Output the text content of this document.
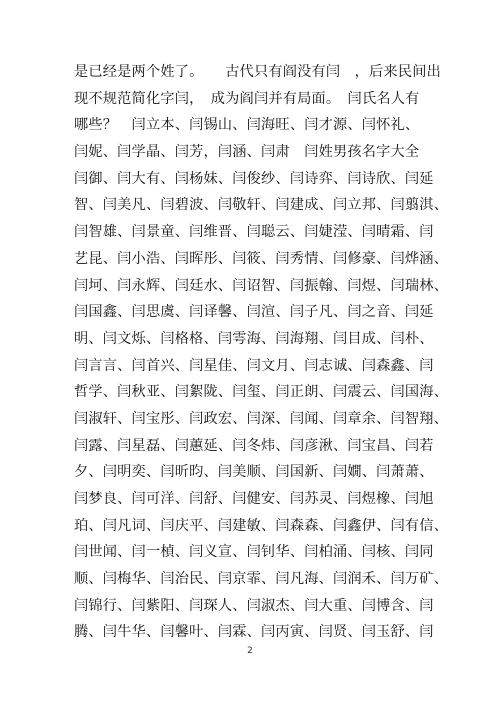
是已经是两个姓了。　　古代只有阎没有闫　，后来民间出
现不规范简化字闫，　成为阎闫并有局面。　闫氏名人有
哪些？　闫立本、闫锡山、闫海旺、闫才源、闫怀礼、
闫妮、闫学晶、闫芳，闫涵、闫肃　闫姓男孩名字大全
闫御、闫大有、闫杨妹、闫俊纱、闫诗弈、闫诗欣、闫延
智、闫美凡、闫碧波、闫敬轩、闫建成、闫立邦、闫翦淇、
闫智雄、闫景童、闫维晋、闫聪云、闫婕滢、闫晴霜、闫
艺昆、闫小浩、闫晖彤、闫筱、闫秀情、闫修豪、闫烨涵、
闫坷、闫永辉、闫廷水、闫诏智、闫振翰、闫煜、闫瑞林、
闫国鑫、闫思虞、闫译馨、闫渲、闫子凡、闫之音、闫延
明、闫文烁、闫格格、闫雩海、闫海翔、闫目成、闫朴、
闫言言、闫首兴、闫星佳、闫文月、闫志诚、闫森鑫、闫
哲学、闫秋亚、闫絮陇、闫玺、闫正朗、闫震云、闫国海、
闫淑轩、闫宝彤、闫政宏、闫深、闫闻、闫章余、闫智翔、
闫露、闫星磊、闫蕙延、闫冬炜、闫彦湫、闫宝昌、闫若
夕、闫明奕、闫昕昀、闫美顺、闫国新、闫嫺、闫萧萧、
闫梦良、闫可洋、闫舒、闫健安、闫苏灵、闫煜橡、闫旭
珀、闫凡词、闫庆平、闫建敏、闫森森、闫鑫伊、闫有信、
闫世闻、闫一楨、闫义宣、闫钊华、闫柏涌、闫核、闫同
顺、闫梅华、闫治民、闫京霏、闫凡海、闫润禾、闫万矿、
闫锦行、闫紫阳、闫琛人、闫淑杰、闫大重、闫博含、闫
腾、闫牛华、闫馨叶、闫霖、闫丙寅、闫贤、闫玉舒、闫
2
